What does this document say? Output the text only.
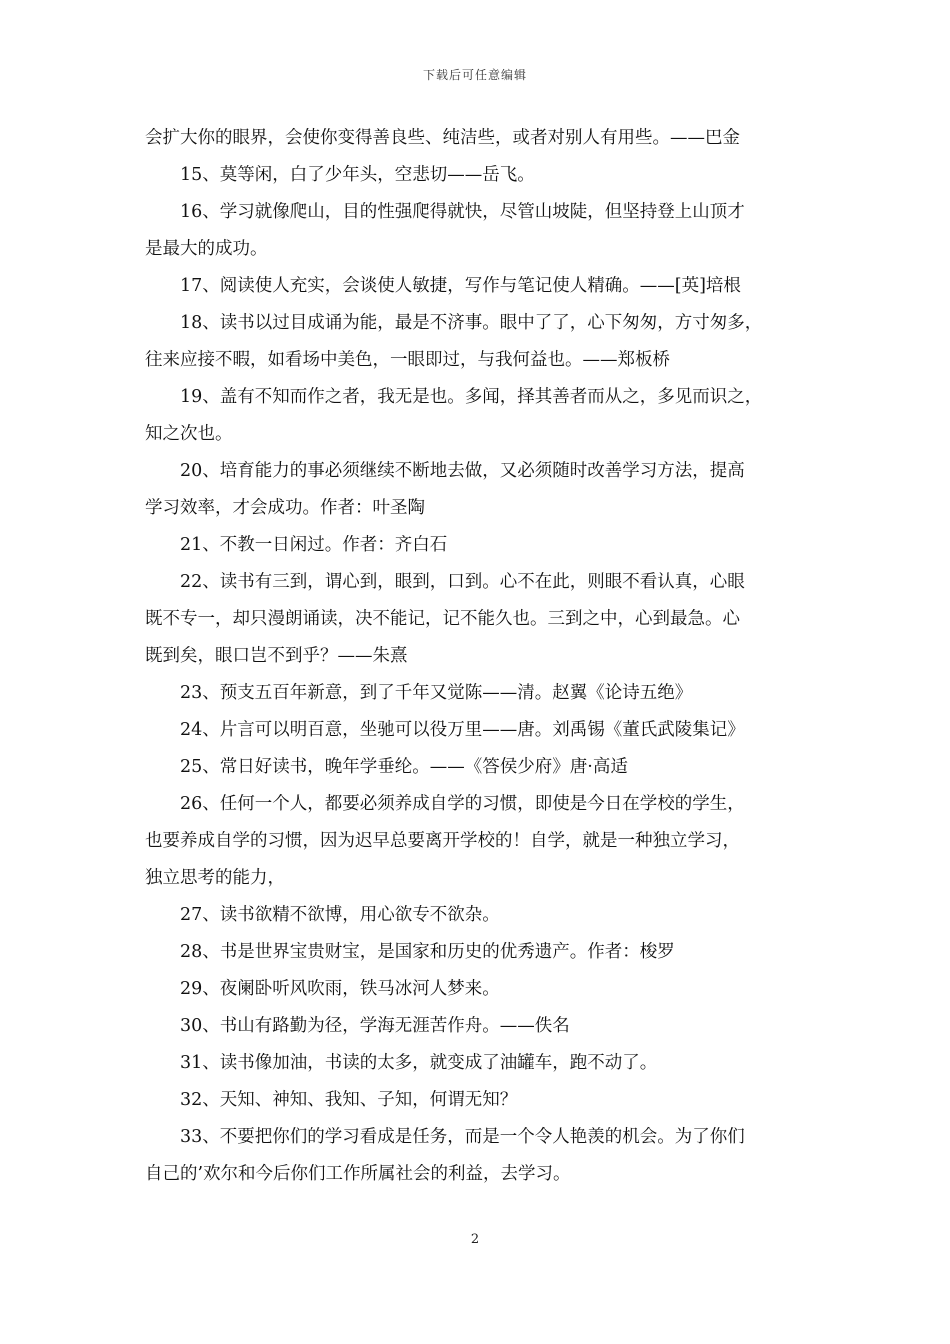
下载后可任意编辑
会扩大你的眼界，会使你变得善良些、纯洁些，或者对别人有用些。——巴金
15、莫等闲，白了少年头，空悲切——岳飞。
16、学习就像爬山，目的性强爬得就快，尽管山坡陡，但坚持登上山顶才
是最大的成功。
17、阅读使人充实，会谈使人敏捷，写作与笔记使人精确。——[英]培根
18、读书以过目成诵为能，最是不济事。眼中了了，心下匆匆，方寸匆多，
往来应接不暇，如看场中美色，一眼即过，与我何益也。——郑板桥
19、盖有不知而作之者，我无是也。多闻，择其善者而从之，多见而识之，
知之次也。
20、培育能力的事必须继续不断地去做，又必须随时改善学习方法，提高
学习效率，才会成功。作者：叶圣陶
21、不教一日闲过。作者：齐白石
22、读书有三到，谓心到，眼到，口到。心不在此，则眼不看认真，心眼
既不专一，却只漫朗诵读，决不能记，记不能久也。三到之中，心到最急。心
既到矣，眼口岂不到乎？——朱熹
23、预支五百年新意，到了千年又觉陈——清。赵翼《论诗五绝》
24、片言可以明百意，坐驰可以役万里——唐。刘禹锡《董氏武陵集记》
25、常日好读书，晚年学垂纶。——《答侯少府》唐·高适
26、任何一个人，都要必须养成自学的习惯，即使是今日在学校的学生，
也要养成自学的习惯，因为迟早总要离开学校的！自学，就是一种独立学习，
独立思考的能力，
27、读书欲精不欲博，用心欲专不欲杂。
28、书是世界宝贵财宝，是国家和历史的优秀遗产。作者：梭罗
29、夜阑卧听风吹雨，铁马冰河人梦来。
30、书山有路勤为径，学海无涯苦作舟。——佚名
31、读书像加油，书读的太多，就变成了油罐车，跑不动了。
32、天知、神知、我知、子知，何谓无知？
33、不要把你们的学习看成是任务，而是一个令人艳羡的机会。为了你们
自己的’欢尔和今后你们工作所属社会的利益，去学习。
2
